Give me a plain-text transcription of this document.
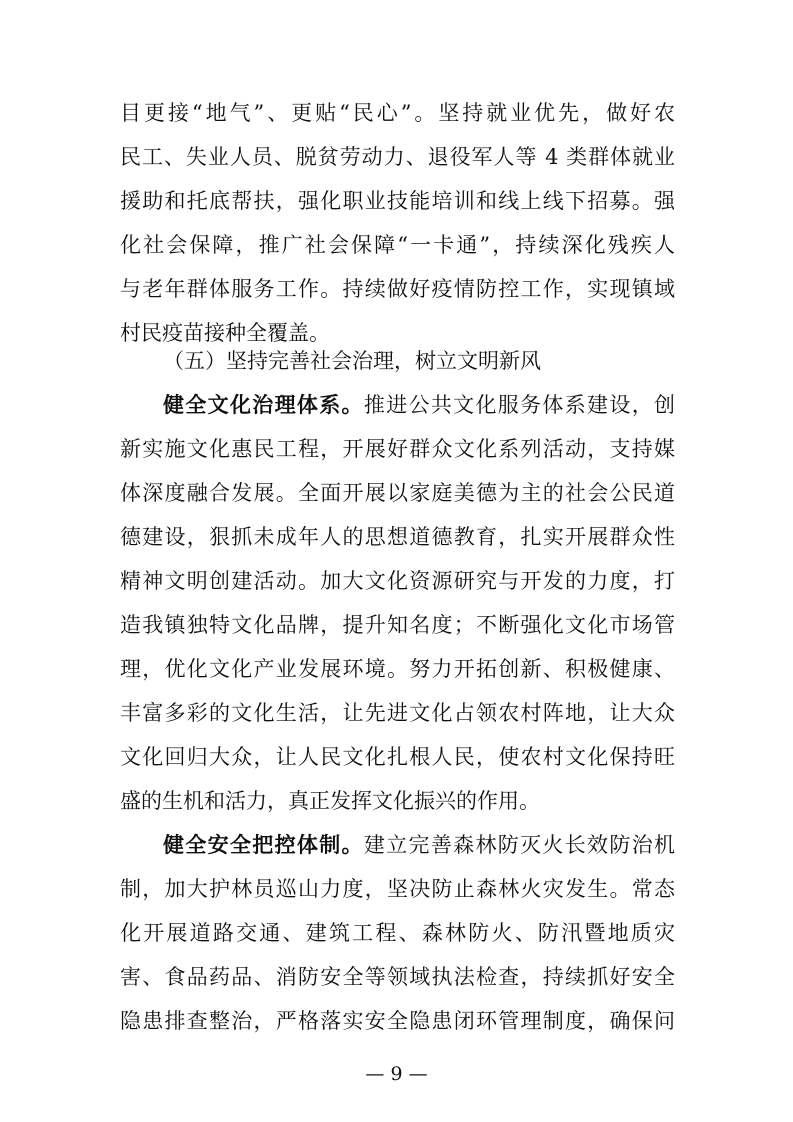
目更接“地气”、更贴“民心”。坚持就业优先，做好农
民工、失业人员、脱贫劳动力、退役军人等 4 类群体就业
援助和托底帮扶，强化职业技能培训和线上线下招募。强
化社会保障，推广社会保障“一卡通”，持续深化残疾人
与老年群体服务工作。持续做好疫情防控工作，实现镇域
村民疫苗接种全覆盖。
（五）坚持完善社会治理，树立文明新风
健全文化治理体系。推进公共文化服务体系建设，创
新实施文化惠民工程，开展好群众文化系列活动，支持媒
体深度融合发展。全面开展以家庭美德为主的社会公民道
德建设，狠抓未成年人的思想道德教育，扎实开展群众性
精神文明创建活动。加大文化资源研究与开发的力度，打
造我镇独特文化品牌，提升知名度；不断强化文化市场管
理，优化文化产业发展环境。努力开拓创新、积极健康、
丰富多彩的文化生活，让先进文化占领农村阵地，让大众
文化回归大众，让人民文化扎根人民，使农村文化保持旺
盛的生机和活力，真正发挥文化振兴的作用。
健全安全把控体制。建立完善森林防灭火长效防治机
制，加大护林员巡山力度，坚决防止森林火灾发生。常态
化开展道路交通、建筑工程、森林防火、防汛暨地质灾
害、食品药品、消防安全等领域执法检查，持续抓好安全
隐患排查整治，严格落实安全隐患闭环管理制度，确保问
— 9 —
